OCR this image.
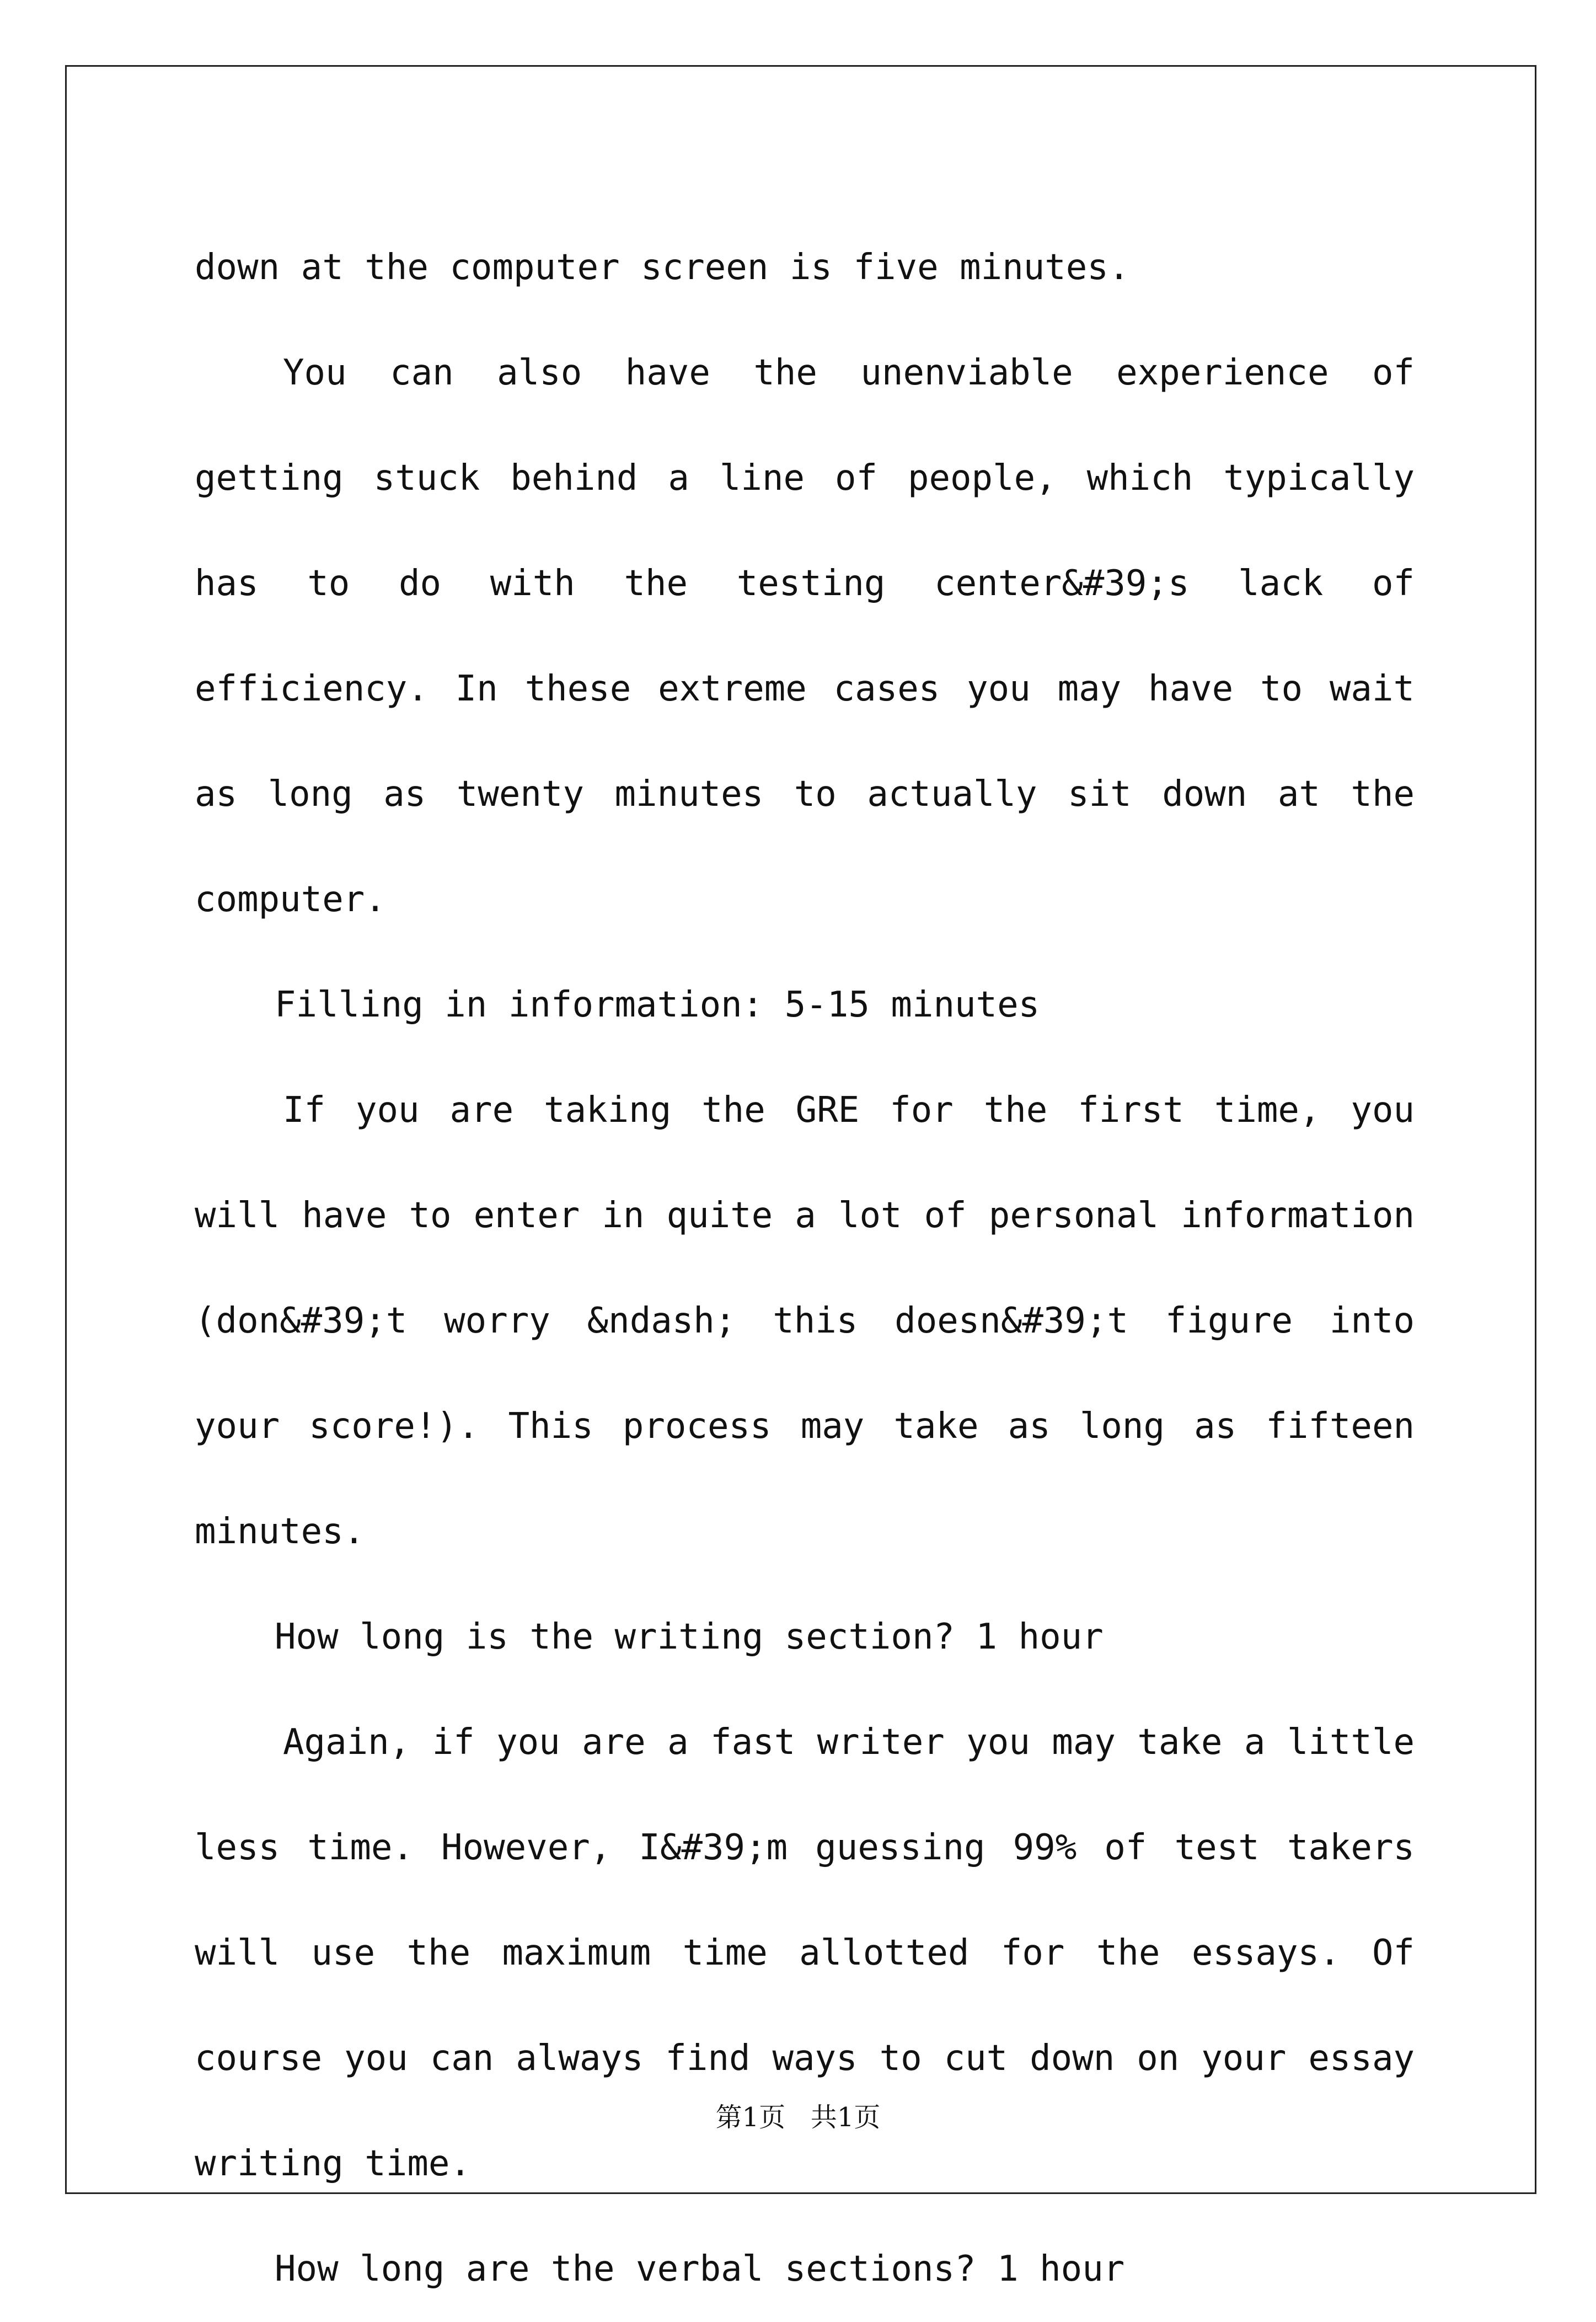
down at the computer screen is five minutes.

You can also have the unenviable experience of getting stuck behind a line of people, which typically has to do with the testing center&#39;s lack of efficiency. In these extreme cases you may have to wait as long as twenty minutes to actually sit down at the computer.

Filling in information: 5-15 minutes

If you are taking the GRE for the first time, you will have to enter in quite a lot of personal information (don&#39;t worry &ndash; this doesn&#39;t figure into your score!). This process may take as long as fifteen minutes.

How long is the writing section? 1 hour

Again, if you are a fast writer you may take a little less time. However, I&#39;m guessing 99% of test takers will use the maximum time allotted for the essays. Of course you can always find ways to cut down on your essay writing time.

How long are the verbal sections? 1 hour

第1页   共1页
